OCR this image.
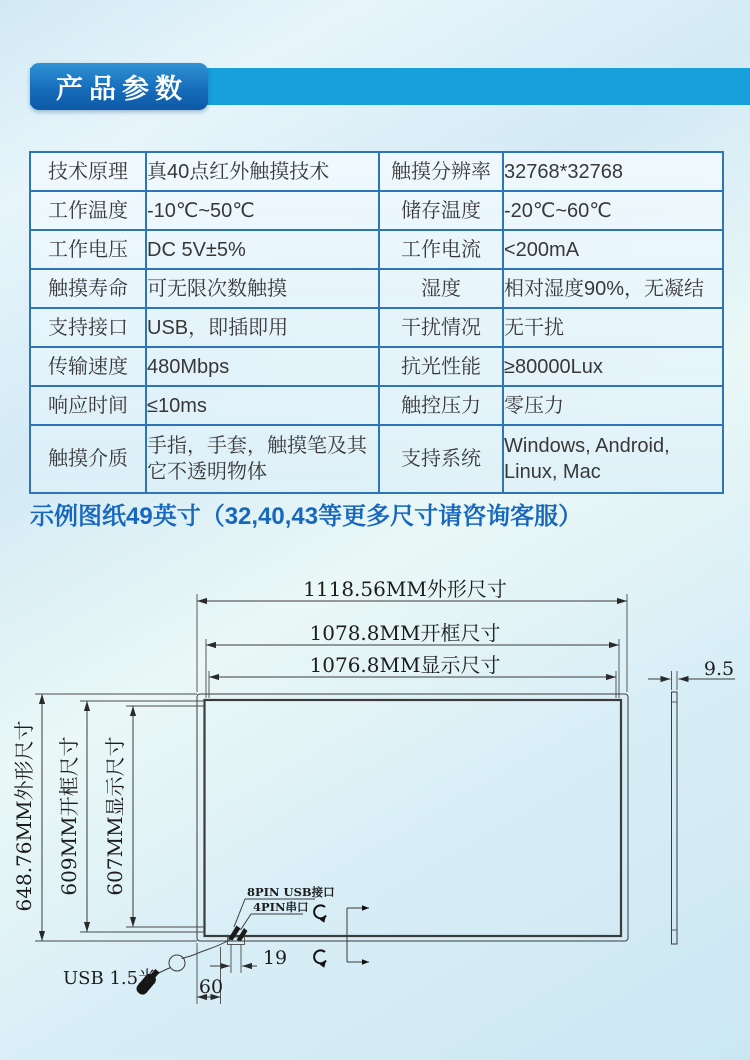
产品参数
技术原理	真40点红外触摸技术	触摸分辨率	32768*32768
工作温度	-10℃~50℃	储存温度	-20℃~60℃
工作电压	DC 5V±5%	工作电流	<200mA
触摸寿命	可无限次数触摸	湿度	相对湿度90%，无凝结
支持接口	USB，即插即用	干扰情况	无干扰
传输速度	480Mbps	抗光性能	≥80000Lux
响应时间	≤10ms	触控压力	零压力
触摸介质	手指，手套，触摸笔及其它不透明物体	支持系统	Windows, Android, Linux, Mac
示例图纸49英寸（32,40,43等更多尺寸请咨询客服）
1118.56MM外形尺寸
1078.8MM开框尺寸
1076.8MM显示尺寸	9.5
648.76MM外形尺寸 609MM开框尺寸 607MM显示尺寸	8PIN USB接口
4PIN串口
19
60
USB 1.5米
